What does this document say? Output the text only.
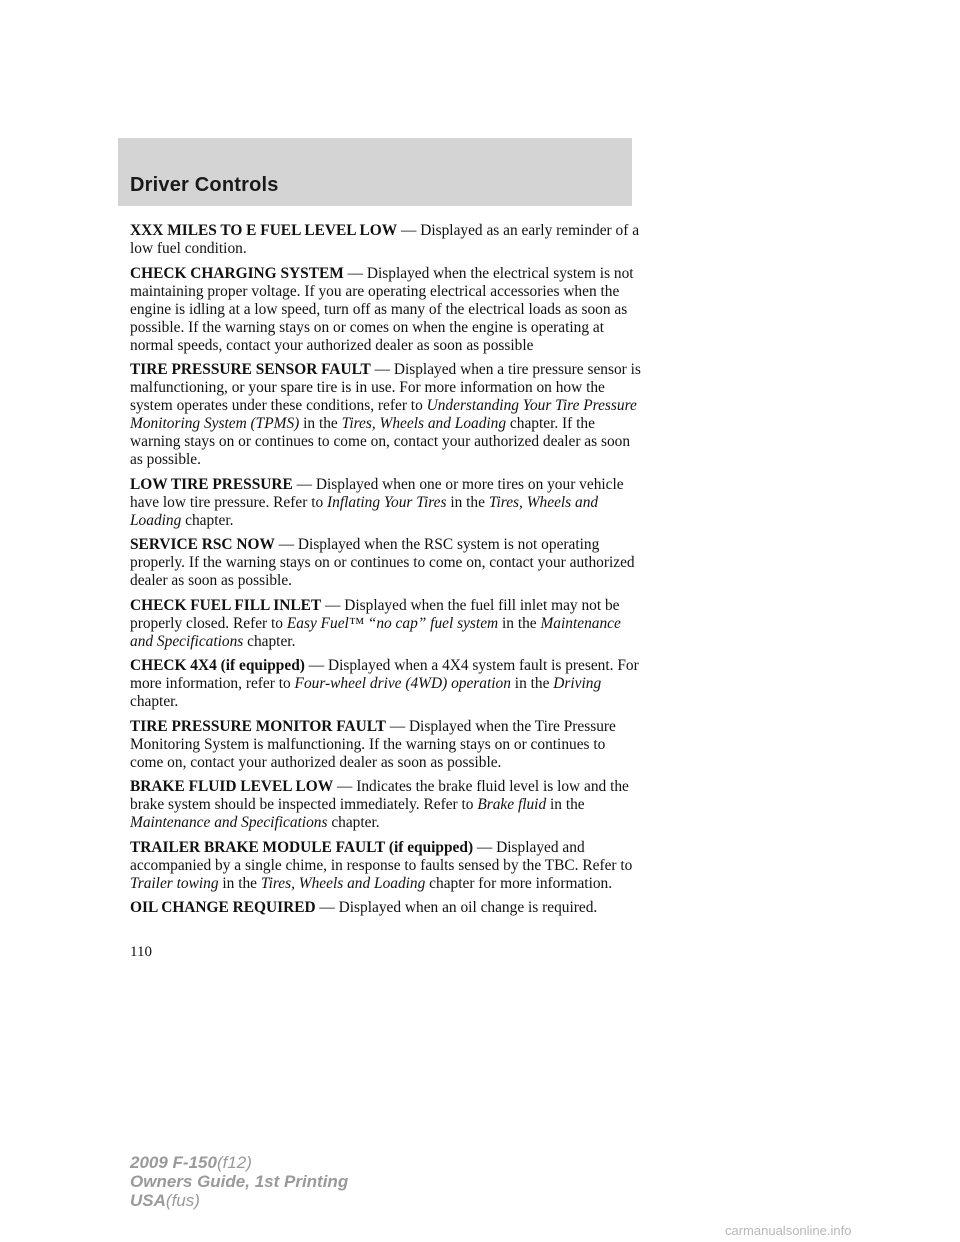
Driver Controls

XXX MILES TO E FUEL LEVEL LOW — Displayed as an early reminder of a low fuel condition.

CHECK CHARGING SYSTEM — Displayed when the electrical system is not maintaining proper voltage. If you are operating electrical accessories when the engine is idling at a low speed, turn off as many of the electrical loads as soon as possible. If the warning stays on or comes on when the engine is operating at normal speeds, contact your authorized dealer as soon as possible

TIRE PRESSURE SENSOR FAULT — Displayed when a tire pressure sensor is malfunctioning, or your spare tire is in use. For more information on how the system operates under these conditions, refer to Understanding Your Tire Pressure Monitoring System (TPMS) in the Tires, Wheels and Loading chapter. If the warning stays on or continues to come on, contact your authorized dealer as soon as possible.

LOW TIRE PRESSURE — Displayed when one or more tires on your vehicle have low tire pressure. Refer to Inflating Your Tires in the Tires, Wheels and Loading chapter.

SERVICE RSC NOW — Displayed when the RSC system is not operating properly. If the warning stays on or continues to come on, contact your authorized dealer as soon as possible.

CHECK FUEL FILL INLET — Displayed when the fuel fill inlet may not be properly closed. Refer to Easy Fuel™ “no cap” fuel system in the Maintenance and Specifications chapter.

CHECK 4X4 (if equipped) — Displayed when a 4X4 system fault is present. For more information, refer to Four-wheel drive (4WD) operation in the Driving chapter.

TIRE PRESSURE MONITOR FAULT — Displayed when the Tire Pressure Monitoring System is malfunctioning. If the warning stays on or continues to come on, contact your authorized dealer as soon as possible.

BRAKE FLUID LEVEL LOW — Indicates the brake fluid level is low and the brake system should be inspected immediately. Refer to Brake fluid in the Maintenance and Specifications chapter.

TRAILER BRAKE MODULE FAULT (if equipped) — Displayed and accompanied by a single chime, in response to faults sensed by the TBC. Refer to Trailer towing in the Tires, Wheels and Loading chapter for more information.

OIL CHANGE REQUIRED — Displayed when an oil change is required.

110
2009 F-150(f12)
Owners Guide, 1st Printing
USA(fus)
carmanualsonline.info
